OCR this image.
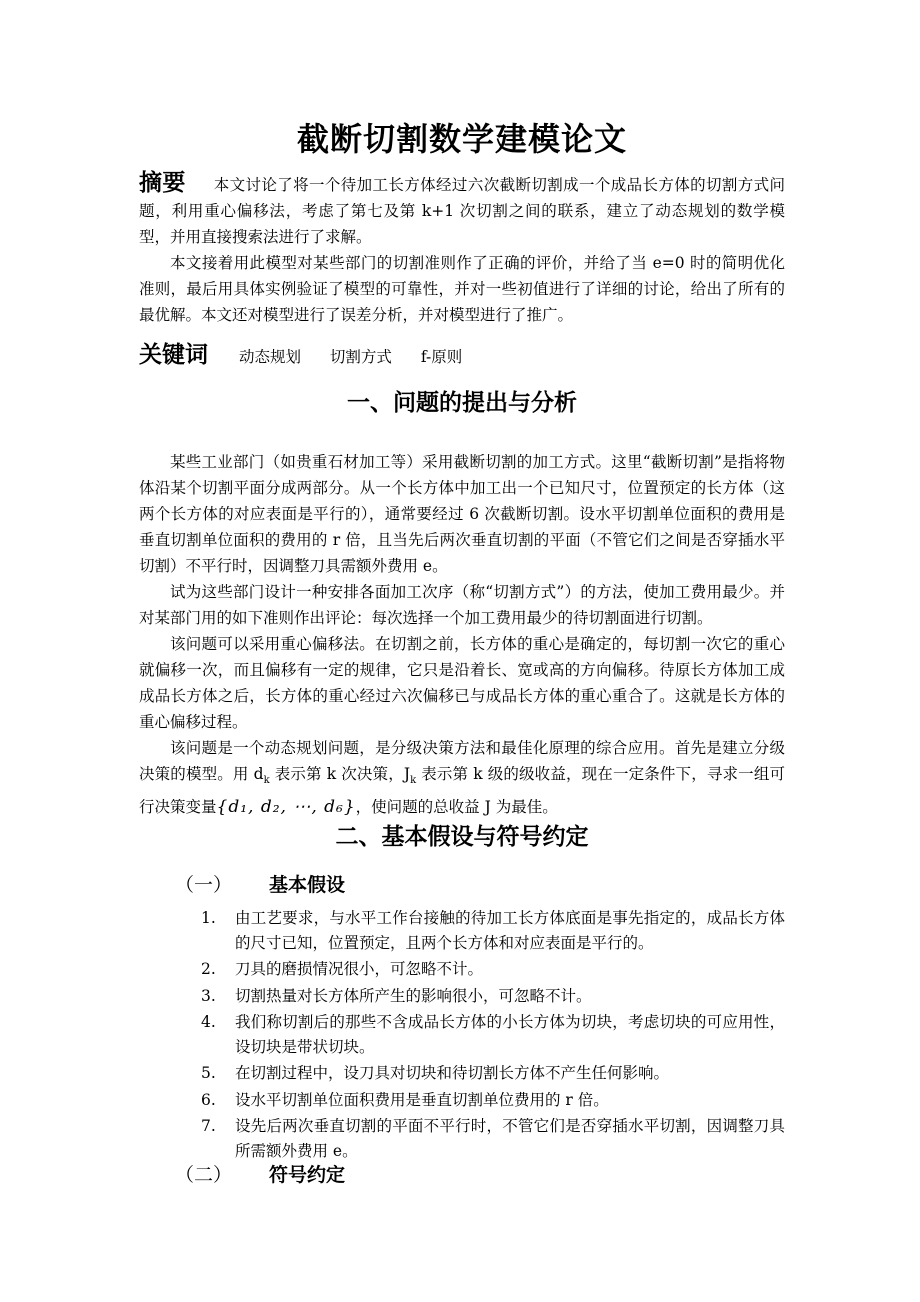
截断切割数学建模论文

摘要 本文讨论了将一个待加工长方体经过六次截断切割成一个成品长方体的切割方式问题，利用重心偏移法，考虑了第七及第 k+1 次切割之间的联系，建立了动态规划的数学模型，并用直接搜索法进行了求解。

本文接着用此模型对某些部门的切割准则作了正确的评价，并给了当 e=0 时的简明优化准则，最后用具体实例验证了模型的可靠性，并对一些初值进行了详细的讨论，给出了所有的最优解。本文还对模型进行了误差分析，并对模型进行了推广。

关键词 动态规划 切割方式 f-原则
一、问题的提出与分析

某些工业部门（如贵重石材加工等）采用截断切割的加工方式。这里“截断切割”是指将物体沿某个切割平面分成两部分。从一个长方体中加工出一个已知尺寸，位置预定的长方体（这两个长方体的对应表面是平行的），通常要经过 6 次截断切割。设水平切割单位面积的费用是垂直切割单位面积的费用的 r 倍，且当先后两次垂直切割的平面（不管它们之间是否穿插水平切割）不平行时，因调整刀具需额外费用 e。

试为这些部门设计一种安排各面加工次序（称“切割方式”）的方法，使加工费用最少。并对某部门用的如下准则作出评论：每次选择一个加工费用最少的待切割面进行切割。

该问题可以采用重心偏移法。在切割之前，长方体的重心是确定的，每切割一次它的重心就偏移一次，而且偏移有一定的规律，它只是沿着长、宽或高的方向偏移。待原长方体加工成成品长方体之后，长方体的重心经过六次偏移已与成品长方体的重心重合了。这就是长方体的重心偏移过程。

该问题是一个动态规划问题，是分级决策方法和最佳化原理的综合应用。首先是建立分级决策的模型。用 $d_k$ 表示第 k 次决策，$J_k$ 表示第 k 级的级收益，现在一定条件下，寻求一组可行决策变量{d₁, d₂, ⋯, d₆}，使问题的总收益 J 为最佳。

二、基本假设与符号约定
（一） 基本假设
1. 由工艺要求，与水平工作台接触的待加工长方体底面是事先指定的，成品长方体的尺寸已知，位置预定，且两个长方体和对应表面是平行的。
2. 刀具的磨损情况很小，可忽略不计。
3. 切割热量对长方体所产生的影响很小，可忽略不计。
4. 我们称切割后的那些不含成品长方体的小长方体为切块，考虑切块的可应用性，设切块是带状切块。
5. 在切割过程中，设刀具对切块和待切割长方体不产生任何影响。
6. 设水平切割单位面积费用是垂直切割单位费用的 r 倍。
7. 设先后两次垂直切割的平面不平行时，不管它们是否穿插水平切割，因调整刀具所需额外费用 e。
（二） 符号约定
